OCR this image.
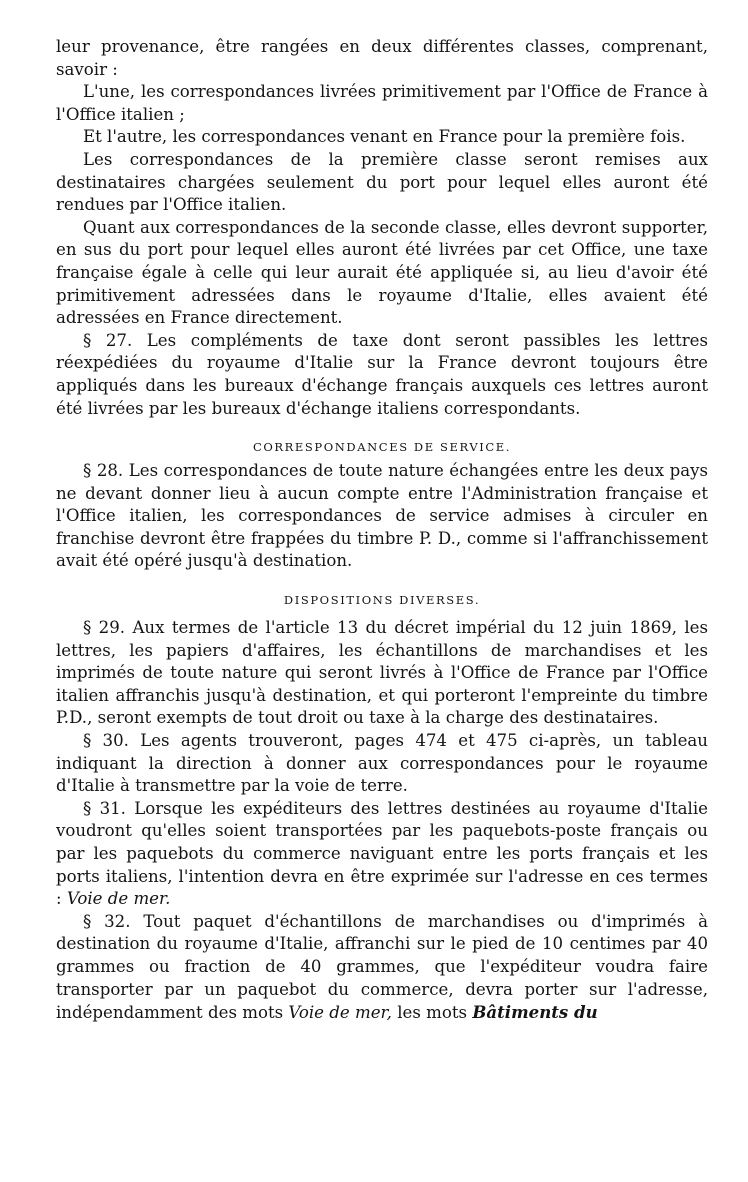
leur provenance, être rangées en deux différentes classes, comprenant, savoir :

L'une, les correspondances livrées primitivement par l'Office de France à l'Office italien ;

Et l'autre, les correspondances venant en France pour la première fois.

Les correspondances de la première classe seront remises aux destinataires chargées seulement du port pour lequel elles auront été rendues par l'Office italien.

Quant aux correspondances de la seconde classe, elles devront supporter, en sus du port pour lequel elles auront été livrées par cet Office, une taxe française égale à celle qui leur aurait été appliquée si, au lieu d'avoir été primitivement adressées dans le royaume d'Italie, elles avaient été adressées en France directement.

§ 27. Les compléments de taxe dont seront passibles les lettres réexpédiées du royaume d'Italie sur la France devront toujours être appliqués dans les bureaux d'échange français auxquels ces lettres auront été livrées par les bureaux d'échange italiens correspondants.

CORRESPONDANCES DE SERVICE.

§ 28. Les correspondances de toute nature échangées entre les deux pays ne devant donner lieu à aucun compte entre l'Administration française et l'Office italien, les correspondances de service admises à circuler en franchise devront être frappées du timbre P. D., comme si l'affranchissement avait été opéré jusqu'à destination.

DISPOSITIONS DIVERSES.

§ 29. Aux termes de l'article 13 du décret impérial du 12 juin 1869, les lettres, les papiers d'affaires, les échantillons de marchandises et les imprimés de toute nature qui seront livrés à l'Office de France par l'Office italien affranchis jusqu'à destination, et qui porteront l'empreinte du timbre P.D., seront exempts de tout droit ou taxe à la charge des destinataires.

§ 30. Les agents trouveront, pages 474 et 475 ci-après, un tableau indiquant la direction à donner aux correspondances pour le royaume d'Italie à transmettre par la voie de terre.

§ 31. Lorsque les expéditeurs des lettres destinées au royaume d'Italie voudront qu'elles soient transportées par les paquebots-poste français ou par les paquebots du commerce naviguant entre les ports français et les ports italiens, l'intention devra en être exprimée sur l'adresse en ces termes : Voie de mer.

§ 32. Tout paquet d'échantillons de marchandises ou d'imprimés à destination du royaume d'Italie, affranchi sur le pied de 10 centimes par 40 grammes ou fraction de 40 grammes, que l'expéditeur voudra faire transporter par un paquebot du commerce, devra porter sur l'adresse, indépendamment des mots Voie de mer, les mots Bâtiments du
